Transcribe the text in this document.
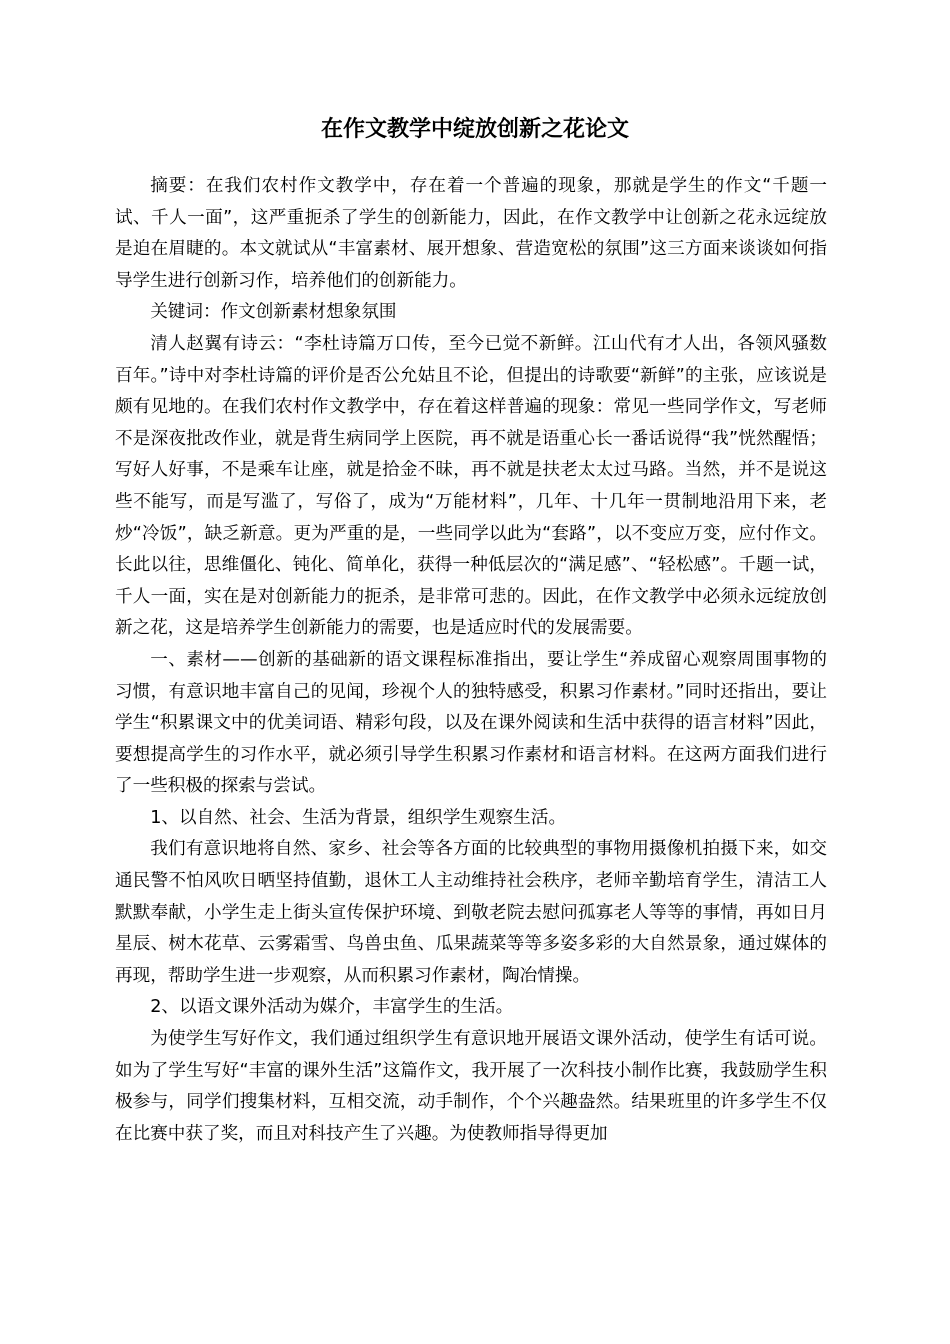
在作文教学中绽放创新之花论文

摘要：在我们农村作文教学中，存在着一个普遍的现象，那就是学生的作文“千题一试、千人一面”，这严重扼杀了学生的创新能力，因此，在作文教学中让创新之花永远绽放是迫在眉睫的。本文就试从“丰富素材、展开想象、营造宽松的氛围”这三方面来谈谈如何指导学生进行创新习作，培养他们的创新能力。

关键词：作文创新素材想象氛围

清人赵翼有诗云：“李杜诗篇万口传，至今已觉不新鲜。江山代有才人出，各领风骚数百年。”诗中对李杜诗篇的评价是否公允姑且不论，但提出的诗歌要“新鲜”的主张，应该说是颇有见地的。在我们农村作文教学中，存在着这样普遍的现象：常见一些同学作文，写老师不是深夜批改作业，就是背生病同学上医院，再不就是语重心长一番话说得“我”恍然醒悟；写好人好事，不是乘车让座，就是拾金不昧，再不就是扶老太太过马路。当然，并不是说这些不能写，而是写滥了，写俗了，成为“万能材料”，几年、十几年一贯制地沿用下来，老炒“冷饭”，缺乏新意。更为严重的是，一些同学以此为“套路”，以不变应万变，应付作文。长此以往，思维僵化、钝化、简单化，获得一种低层次的“满足感”、“轻松感”。千题一试，千人一面，实在是对创新能力的扼杀，是非常可悲的。因此，在作文教学中必须永远绽放创新之花，这是培养学生创新能力的需要，也是适应时代的发展需要。

一、素材——创新的基础新的语文课程标准指出，要让学生“养成留心观察周围事物的习惯，有意识地丰富自己的见闻，珍视个人的独特感受，积累习作素材。”同时还指出，要让学生“积累课文中的优美词语、精彩句段，以及在课外阅读和生活中获得的语言材料”因此，要想提高学生的习作水平，就必须引导学生积累习作素材和语言材料。在这两方面我们进行了一些积极的探索与尝试。

1、以自然、社会、生活为背景，组织学生观察生活。

我们有意识地将自然、家乡、社会等各方面的比较典型的事物用摄像机拍摄下来，如交通民警不怕风吹日晒坚持值勤，退休工人主动维持社会秩序，老师辛勤培育学生，清洁工人默默奉献，小学生走上街头宣传保护环境、到敬老院去慰问孤寡老人等等的事情，再如日月星辰、树木花草、云雾霜雪、鸟兽虫鱼、瓜果蔬菜等等多姿多彩的大自然景象，通过媒体的再现，帮助学生进一步观察，从而积累习作素材，陶冶情操。

2、以语文课外活动为媒介，丰富学生的生活。

为使学生写好作文，我们通过组织学生有意识地开展语文课外活动，使学生有话可说。如为了学生写好“丰富的课外生活”这篇作文，我开展了一次科技小制作比赛，我鼓励学生积极参与，同学们搜集材料，互相交流，动手制作，个个兴趣盎然。结果班里的许多学生不仅在比赛中获了奖，而且对科技产生了兴趣。为使教师指导得更加
